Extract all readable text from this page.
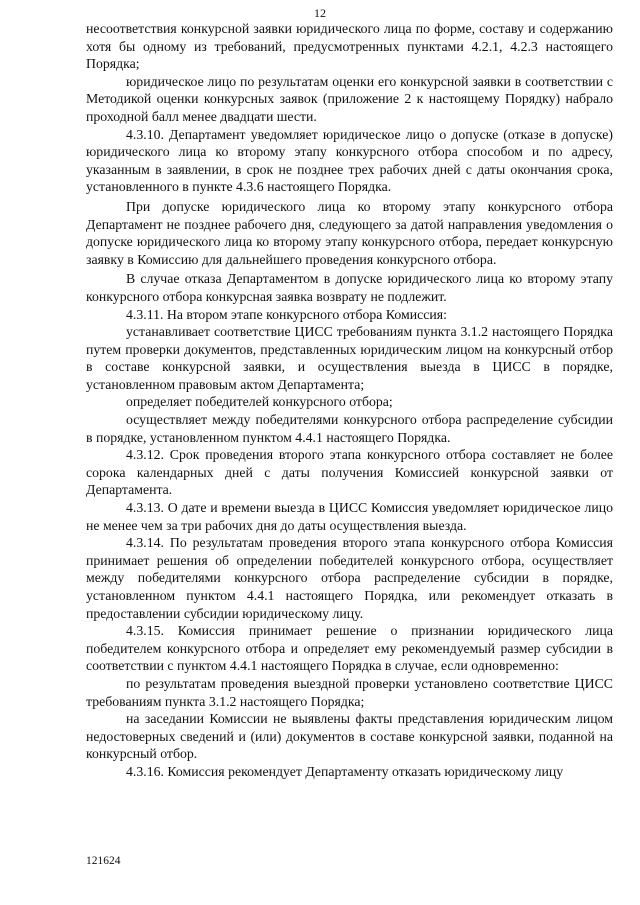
12

несоответствия конкурсной заявки юридического лица по форме, составу и содержанию хотя бы одному из требований, предусмотренных пунктами 4.2.1, 4.2.3 настоящего Порядка;

юридическое лицо по результатам оценки его конкурсной заявки в соответствии с Методикой оценки конкурсных заявок (приложение 2 к настоящему Порядку) набрало проходной балл менее двадцати шести.

4.3.10. Департамент уведомляет юридическое лицо о допуске (отказе в допуске) юридического лица ко второму этапу конкурсного отбора способом и по адресу, указанным в заявлении, в срок не позднее трех рабочих дней с даты окончания срока, установленного в пункте 4.3.6 настоящего Порядка.

При допуске юридического лица ко второму этапу конкурсного отбора Департамент не позднее рабочего дня, следующего за датой направления уведомления о допуске юридического лица ко второму этапу конкурсного отбора, передает конкурсную заявку в Комиссию для дальнейшего проведения конкурсного отбора.

В случае отказа Департаментом в допуске юридического лица ко второму этапу конкурсного отбора конкурсная заявка возврату не подлежит.

4.3.11. На втором этапе конкурсного отбора Комиссия:

устанавливает соответствие ЦИСС требованиям пункта 3.1.2 настоящего Порядка путем проверки документов, представленных юридическим лицом на конкурсный отбор в составе конкурсной заявки, и осуществления выезда в ЦИСС в порядке, установленном правовым актом Департамента;

определяет победителей конкурсного отбора;

осуществляет между победителями конкурсного отбора распределение субсидии в порядке, установленном пунктом 4.4.1 настоящего Порядка.

4.3.12. Срок проведения второго этапа конкурсного отбора составляет не более сорока календарных дней с даты получения Комиссией конкурсной заявки от Департамента.

4.3.13. О дате и времени выезда в ЦИСС Комиссия уведомляет юридическое лицо не менее чем за три рабочих дня до даты осуществления выезда.

4.3.14. По результатам проведения второго этапа конкурсного отбора Комиссия принимает решения об определении победителей конкурсного отбора, осуществляет между победителями конкурсного отбора распределение субсидии в порядке, установленном пунктом 4.4.1 настоящего Порядка, или рекомендует отказать в предоставлении субсидии юридическому лицу.

4.3.15. Комиссия принимает решение о признании юридического лица победителем конкурсного отбора и определяет ему рекомендуемый размер субсидии в соответствии с пунктом 4.4.1 настоящего Порядка в случае, если одновременно:

по результатам проведения выездной проверки установлено соответствие ЦИСС требованиям пункта 3.1.2 настоящего Порядка;

на заседании Комиссии не выявлены факты представления юридическим лицом недостоверных сведений и (или) документов в составе конкурсной заявки, поданной на конкурсный отбор.

4.3.16. Комиссия рекомендует Департаменту отказать юридическому лицу

121624
